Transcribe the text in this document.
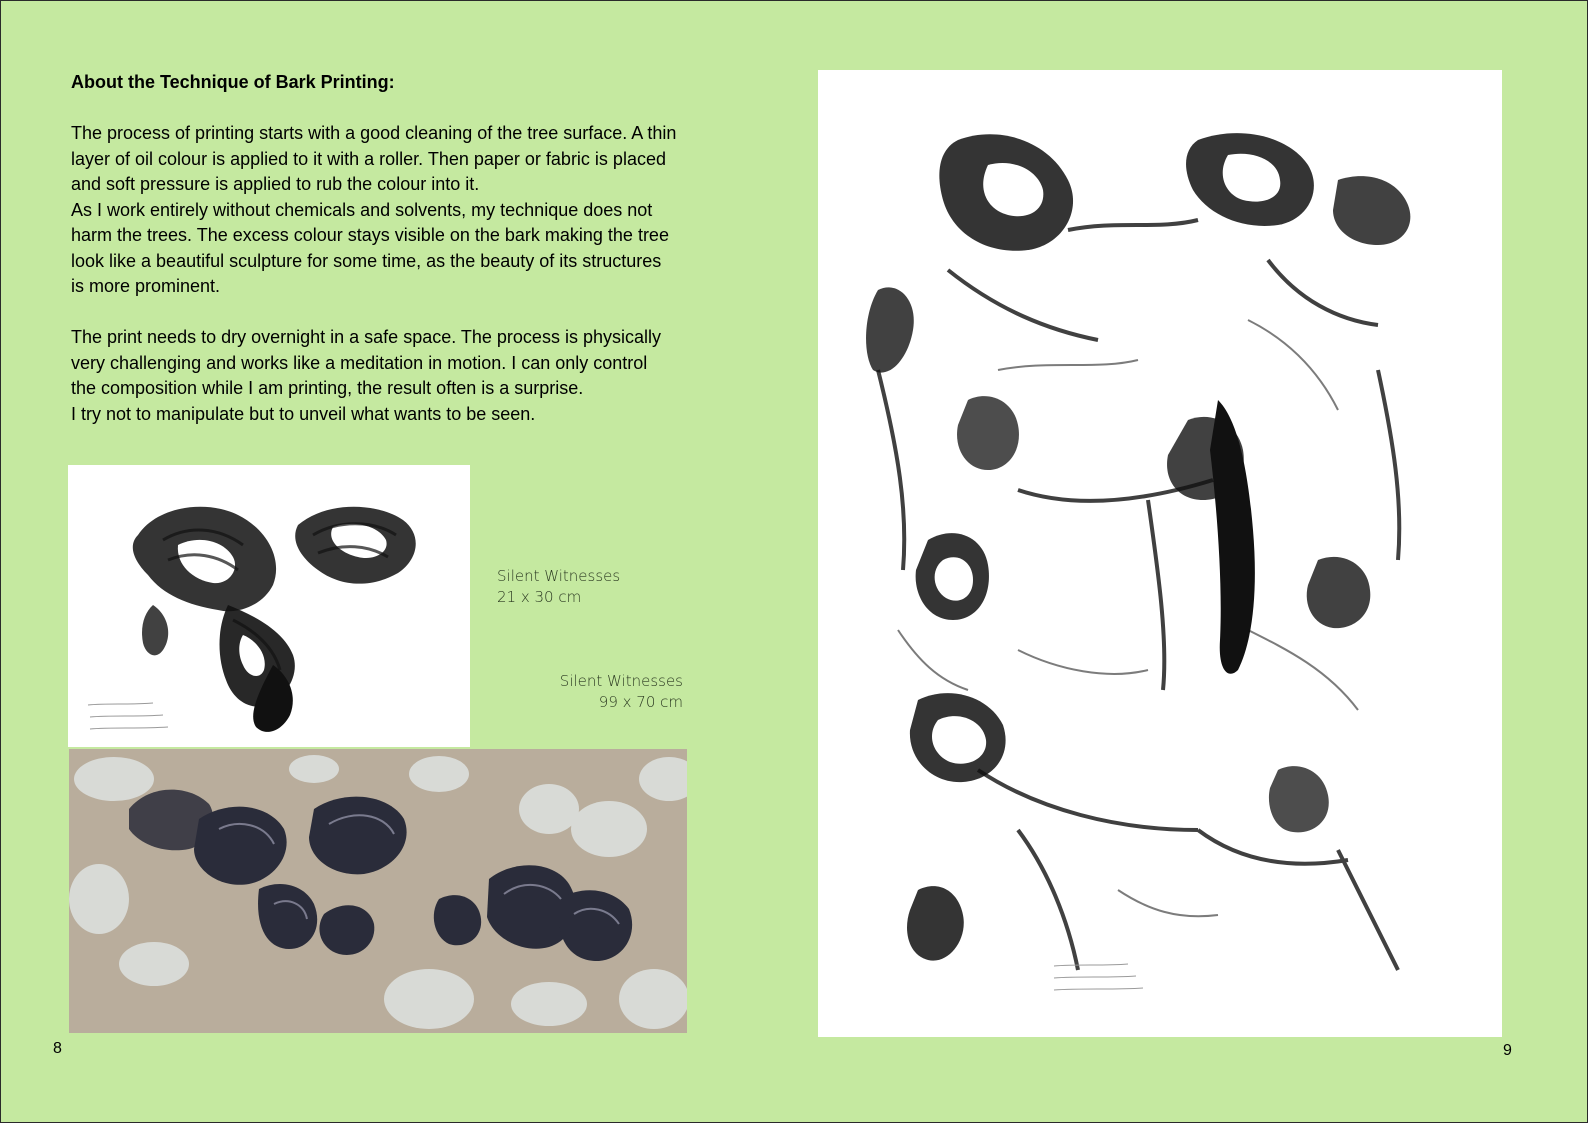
About the Technique of Bark Printing:

The process of printing starts with a good cleaning of the tree surface. A thin
layer of oil colour is applied to it with a roller. Then paper or fabric is placed
and soft pressure is applied to rub the colour into it.
As I work entirely without chemicals and solvents, my technique does not
harm the trees. The excess colour stays visible on the bark making the tree
look like a beautiful sculpture for some time, as the beauty of its structures
is more prominent.

The print needs to dry overnight in a safe space. The process is physically
very challenging and works like a meditation in motion. I can only control
the composition while I am printing, the result often is a surprise.
I try not to manipulate but to unveil what wants to be seen.

Silent Witnesses
21 x 30 cm
Silent Witnesses
99 x 70 cm
8	9
